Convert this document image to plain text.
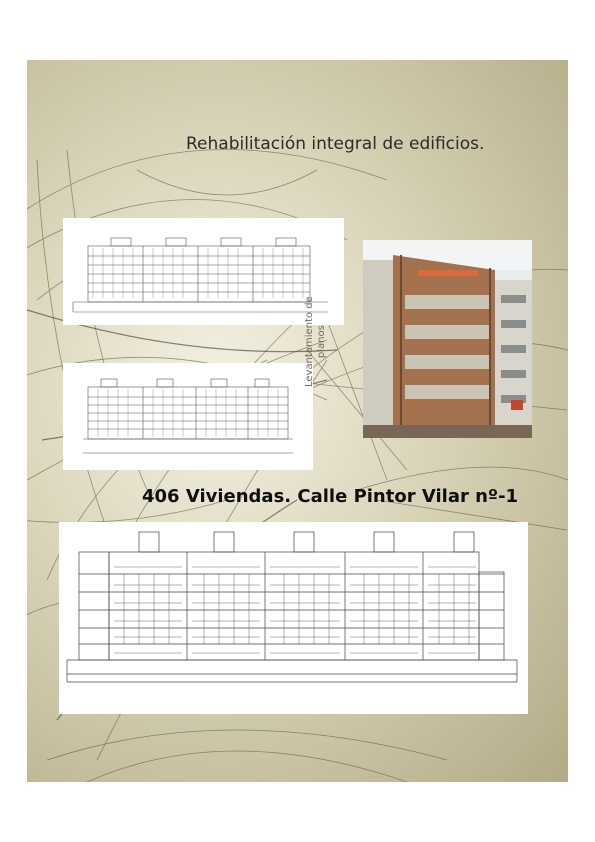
Rehabilitación integral de edificios.
Levantamiento de planos
406 Viviendas. Calle Pintor Vilar nº-1
